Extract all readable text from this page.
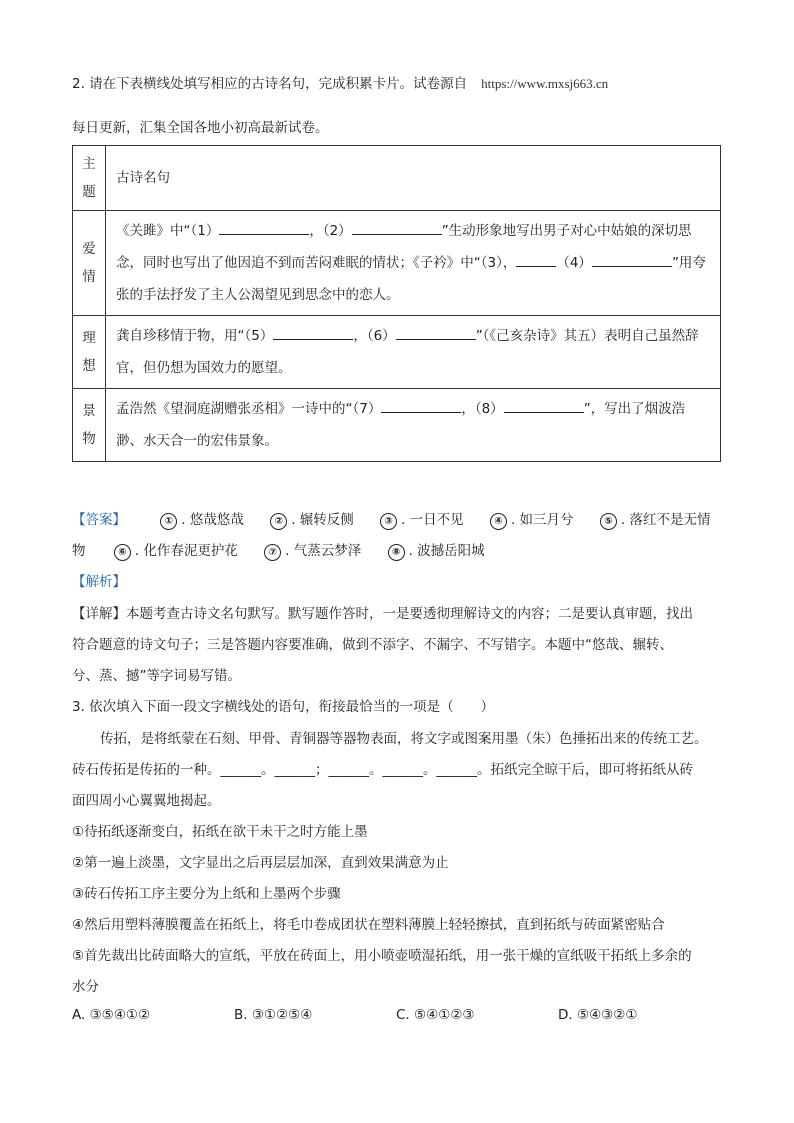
2. 请在下表横线处填写相应的古诗名句，完成积累卡片。试卷源自 https://www.mxsj663.cn
每日更新，汇集全国各地小初高最新试卷。
主
题	古诗名句
爱
情	《关雎》中“（1） ，（2） ”生动形象地写出男子对心中姑娘的深切思念，同时也写出了他因追不到而苦闷难眠的情状；《子衿》中“（3）， （4） ”用夸张的手法抒发了主人公渴望见到思念中的恋人。
理
想	龚自珍移情于物，用“（5） ，（6） ”（《己亥杂诗》其五）表明自己虽然辞官，但仍想为国效力的愿望。
景
物	孟浩然《望洞庭湖赠张丞相》一诗中的“（7） ，（8） ”，写出了烟波浩渺、水天合一的宏伟景象。
【答案】	① . 悠哉悠哉	② . 辗转反侧	③ . 一日不见	④ . 如三月兮	⑤ . 落红不是无情
物	⑥ . 化作春泥更护花	⑦ . 气蒸云梦泽	⑧ . 波撼岳阳城
【解析】
【详解】本题考查古诗文名句默写。默写题作答时，一是要透彻理解诗文的内容；二是要认真审题，找出
符合题意的诗文句子；三是答题内容要准确，做到不添字、不漏字、不写错字。本题中“悠哉、辗转、
兮、蒸、撼”等字词易写错。
3. 依次填入下面一段文字横线处的语句，衔接最恰当的一项是（　　）
传拓，是将纸蒙在石刻、甲骨、青铜器等器物表面，将文字或图案用墨（朱）色捶拓出来的传统工艺。
砖石传拓是传拓的一种。______。______；______。______。______。拓纸完全晾干后，即可将拓纸从砖
面四周小心翼翼地揭起。
①待拓纸逐渐变白，拓纸在欲干未干之时方能上墨
②第一遍上淡墨，文字显出之后再层层加深，直到效果满意为止
③砖石传拓工序主要分为上纸和上墨两个步骤
④然后用塑料薄膜覆盖在拓纸上，将毛巾卷成团状在塑料薄膜上轻轻擦拭，直到拓纸与砖面紧密贴合
⑤首先裁出比砖面略大的宣纸，平放在砖面上，用小喷壶喷湿拓纸，用一张干燥的宣纸吸干拓纸上多余的
水分
A. ③⑤④①②	B. ③①②⑤④	C. ⑤④①②③	D. ⑤④③②①
